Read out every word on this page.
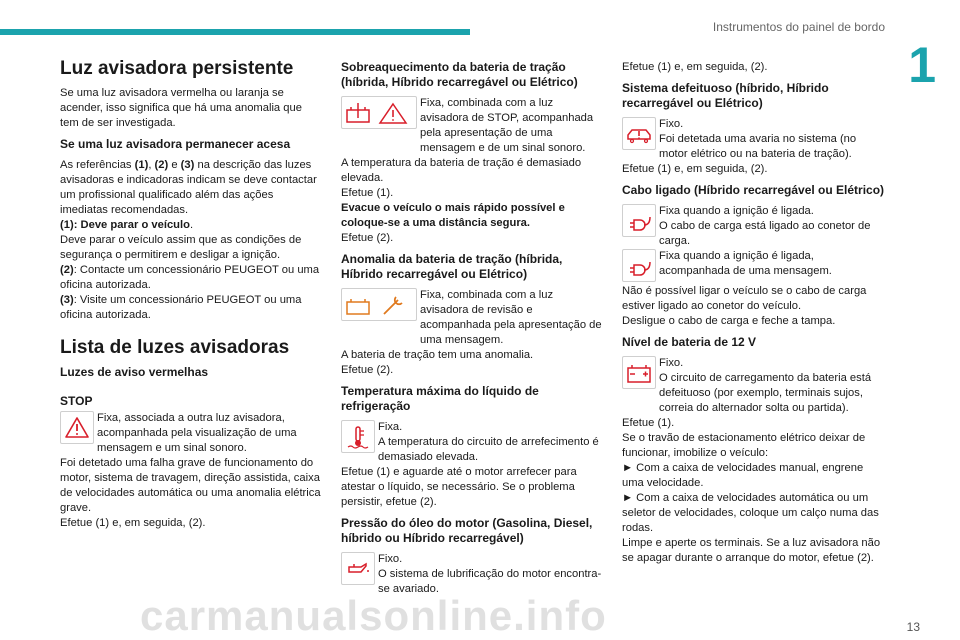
Instrumentos do painel de bordo
1
Luz avisadora persistente

Se uma luz avisadora vermelha ou laranja se acender, isso significa que há uma anomalia que tem de ser investigada.

Se uma luz avisadora permanecer acesa

As referências (1), (2) e (3) na descrição das luzes avisadoras e indicadoras indicam se deve contactar um profissional qualificado além das ações imediatas recomendadas.

(1): Deve parar o veículo.

Deve parar o veículo assim que as condições de segurança o permitirem e desligar a ignição.

(2): Contacte um concessionário PEUGEOT ou uma oficina autorizada.

(3): Visite um concessionário PEUGEOT ou uma oficina autorizada.

Lista de luzes avisadoras
Luzes de aviso vermelhas
STOP

Fixa, associada a outra luz avisadora, acompanhada pela visualização de uma mensagem e um sinal sonoro.

Foi detetado uma falha grave de funcionamento do motor, sistema de travagem, direção assistida, caixa de velocidades automática ou uma anomalia elétrica grave.

Efetue (1) e, em seguida, (2).

Sobreaquecimento da bateria de tração (híbrida, Híbrido recarregável ou Elétrico)

Fixa, combinada com a luz avisadora de STOP, acompanhada pela apresentação de uma mensagem e de um sinal sonoro.

A temperatura da bateria de tração é demasiado elevada.

Efetue (1).

Evacue o veículo o mais rápido possível e coloque-se a uma distância segura.

Efetue (2).

Anomalia da bateria de tração (híbrida, Híbrido recarregável ou Elétrico)

Fixa, combinada com a luz avisadora de revisão e acompanhada pela apresentação de uma mensagem.

A bateria de tração tem uma anomalia.

Efetue (2).

Temperatura máxima do líquido de refrigeração

Fixa.

A temperatura do circuito de arrefecimento é demasiado elevada.

Efetue (1) e aguarde até o motor arrefecer para atestar o líquido, se necessário. Se o problema persistir, efetue (2).

Pressão do óleo do motor (Gasolina, Diesel, híbrido ou Híbrido recarregável)

Fixo.

O sistema de lubrificação do motor encontra-se avariado.

Efetue (1) e, em seguida, (2).

Sistema defeituoso (híbrido, Híbrido recarregável ou Elétrico)

Fixo.

Foi detetada uma avaria no sistema (no motor elétrico ou na bateria de tração).

Efetue (1) e, em seguida, (2).

Cabo ligado (Híbrido recarregável ou Elétrico)

Fixa quando a ignição é ligada.

O cabo de carga está ligado ao conetor de carga.

Fixa quando a ignição é ligada, acompanhada de uma mensagem.

Não é possível ligar o veículo se o cabo de carga estiver ligado ao conetor do veículo.

Desligue o cabo de carga e feche a tampa.

Nível de bateria de 12 V

Fixo.

O circuito de carregamento da bateria está defeituoso (por exemplo, terminais sujos, correia do alternador solta ou partida).

Efetue (1).

Se o travão de estacionamento elétrico deixar de funcionar, imobilize o veículo:

► Com a caixa de velocidades manual, engrene uma velocidade.

► Com a caixa de velocidades automática ou um seletor de velocidades, coloque um calço numa das rodas.

Limpe e aperte os terminais. Se a luz avisadora não se apagar durante o arranque do motor, efetue (2).

carmanualsonline.info	13
